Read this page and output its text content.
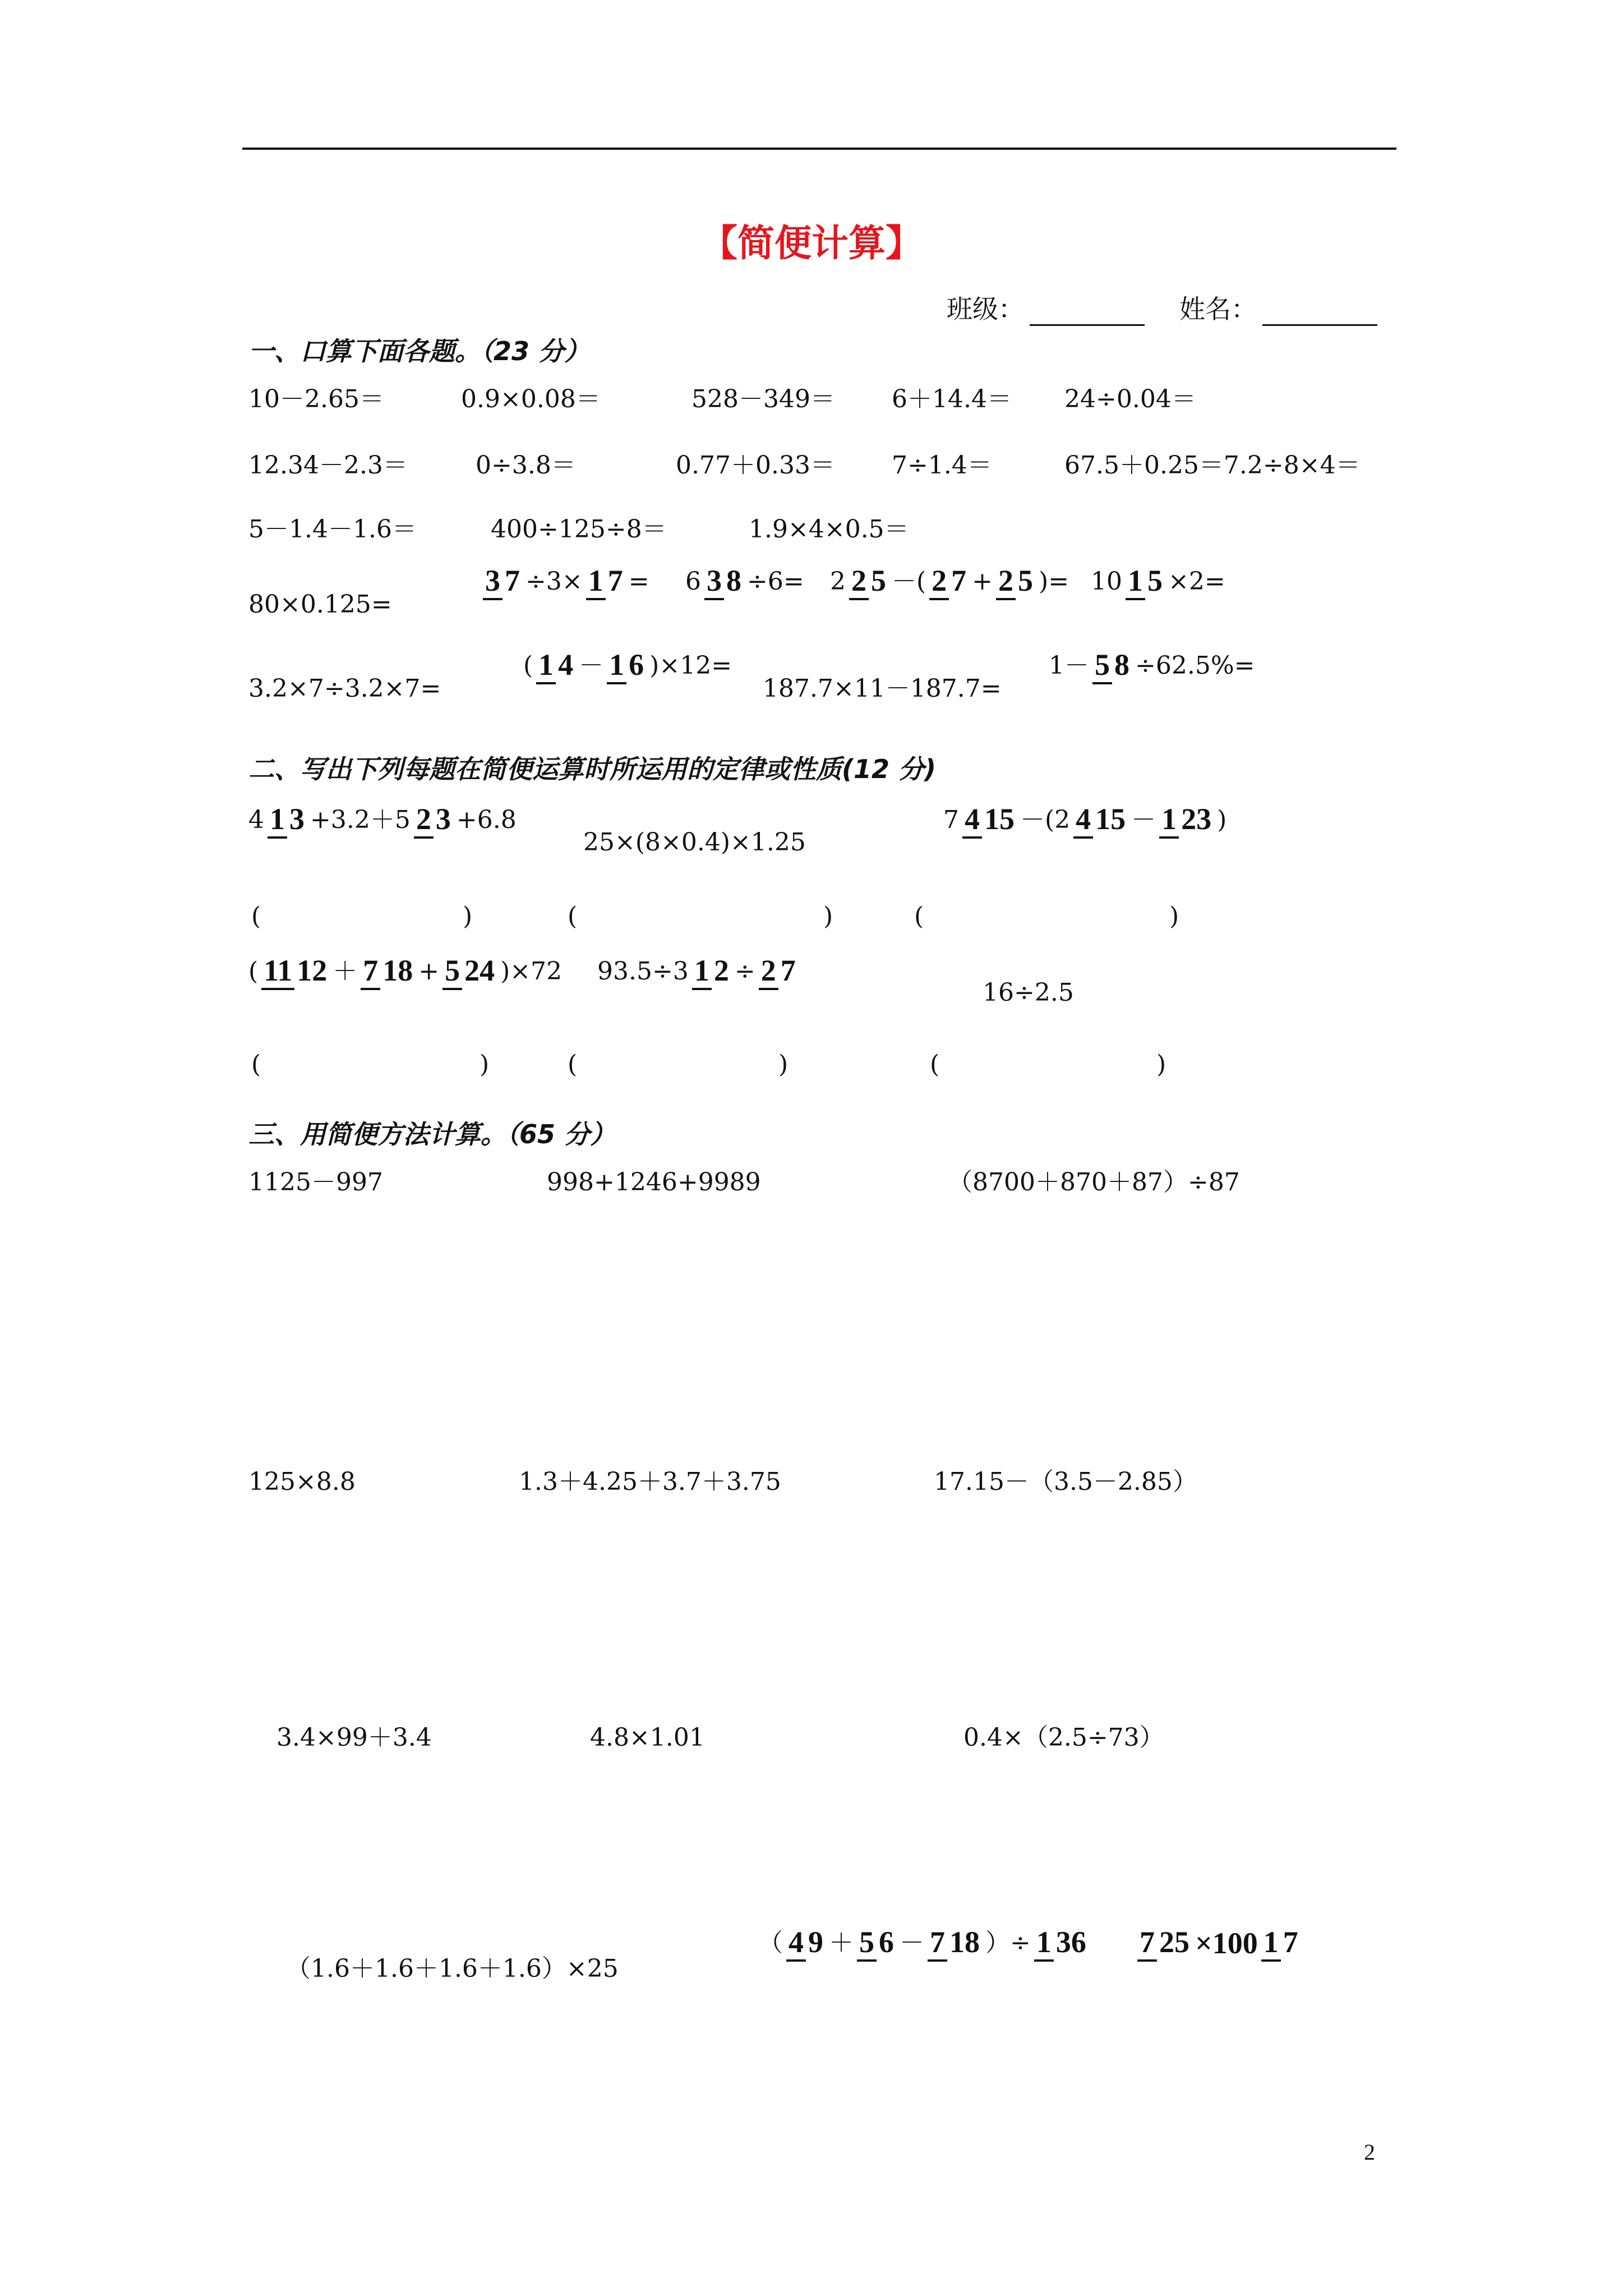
【简便计算】
班级：	姓名：
一、口算下面各题。（23 分）
10－2.65＝	0.9×0.08＝	528－349＝ 6＋14.4＝ 24÷0.04＝
12.34－2.3＝	0÷3.8＝	0.77＋0.33＝ 7÷1.4＝	67.5＋0.25＝7.2÷8×4＝
5－1.4－1.6＝	400÷125÷8＝	1.9×4×0.5＝
80×0.125=
3 7 ÷3× 1 7 = 6 3 8 ÷6= 2 2 5 －( 2 7 + 2 5 )= 10 1 5 ×2=
3.2×7÷3.2×7=
( 1 4 － 1 6 )×12=
187.7×11－187.7=
1－ 5 8 ÷62.5%=
二、写出下列每题在简便运算时所运用的定律或性质(12 分)
4 1 3 +3.2＋5 2 3 +6.8
25×(8×0.4)×1.25
7 4 15 －(2 4 15 － 1 23 )
(	)	(	)	(	)
( 11 12 ＋ 7 18 + 5 24 )×72 93.5÷3 1 2 ÷ 2 7
16÷2.5
(	)	(	)	(	)
三、用简便方法计算。（65 分）
1125－997	998+1246+9989	（8700＋870＋87）÷87
125×8.8	1.3＋4.25＋3.7＋3.75	17.15－（3.5－2.85）
3.4×99＋3.4	4.8×1.01	0.4×（2.5÷73）
（1.6＋1.6＋1.6＋1.6）×25
（ 4 9 ＋ 5 6 － 7 18 ）÷ 1 36 7 25 ×100 1 7
2
